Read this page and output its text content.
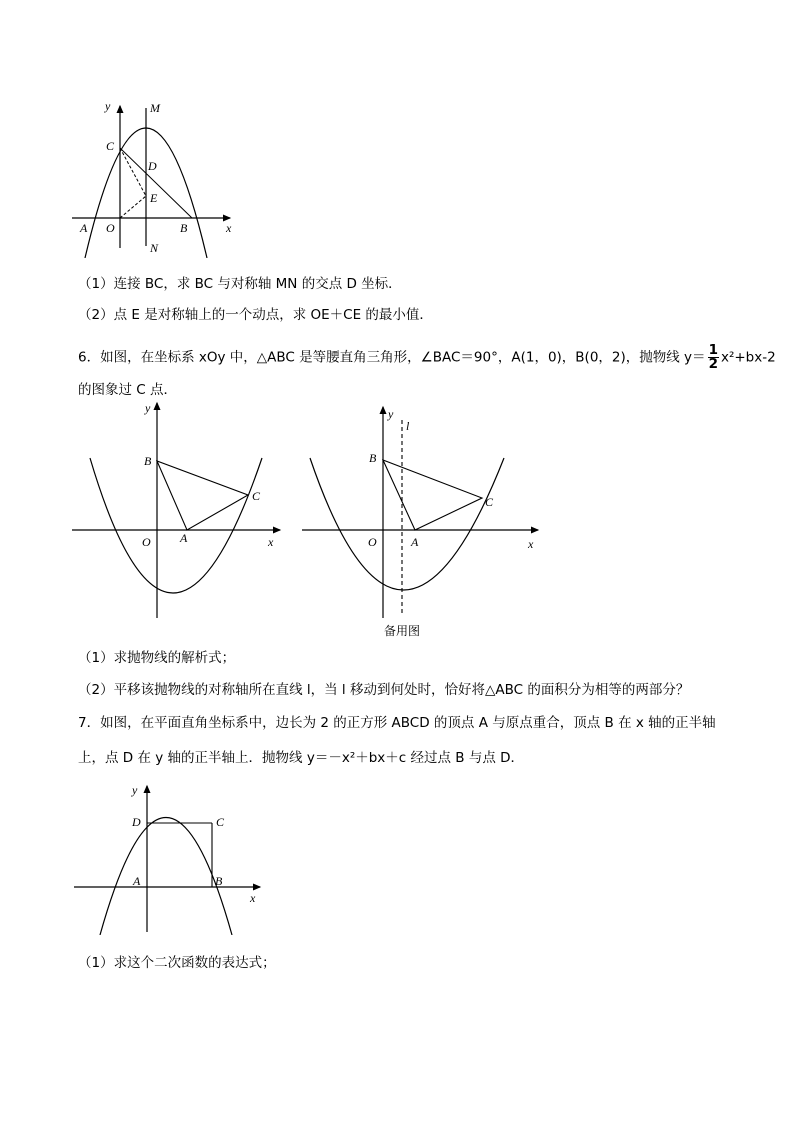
y	M
C
D
E
A O	B	x
N
（1）连接 BC，求 BC 与对称轴 MN 的交点 D 坐标．
（2）点 E 是对称轴上的一个动点，求 OE＋CE 的最小值．
6．如图，在坐标系 xOy 中，△ABC 是等腰直角三角形，∠BAC＝90°，A(1，0)，B(0，2)，抛物线 $y= \frac{1}{2} x^2+bx-2$
的图象过 C 点．
y
B
C
O A	x
y
l
B
C
O	A	x
备用图
（1）求抛物线的解析式；
（2）平移该抛物线的对称轴所在直线 l，当 l 移动到何处时，恰好将△ABC 的面积分为相等的两部分？
7．如图，在平面直角坐标系中，边长为 2 的正方形 ABCD 的顶点 A 与原点重合，顶点 B 在 x 轴的正半轴
上，点 D 在 y 轴的正半轴上．抛物线 y＝－x²＋bx＋c 经过点 B 与点 D．
y
D	C
A	B
x
（1）求这个二次函数的表达式；
